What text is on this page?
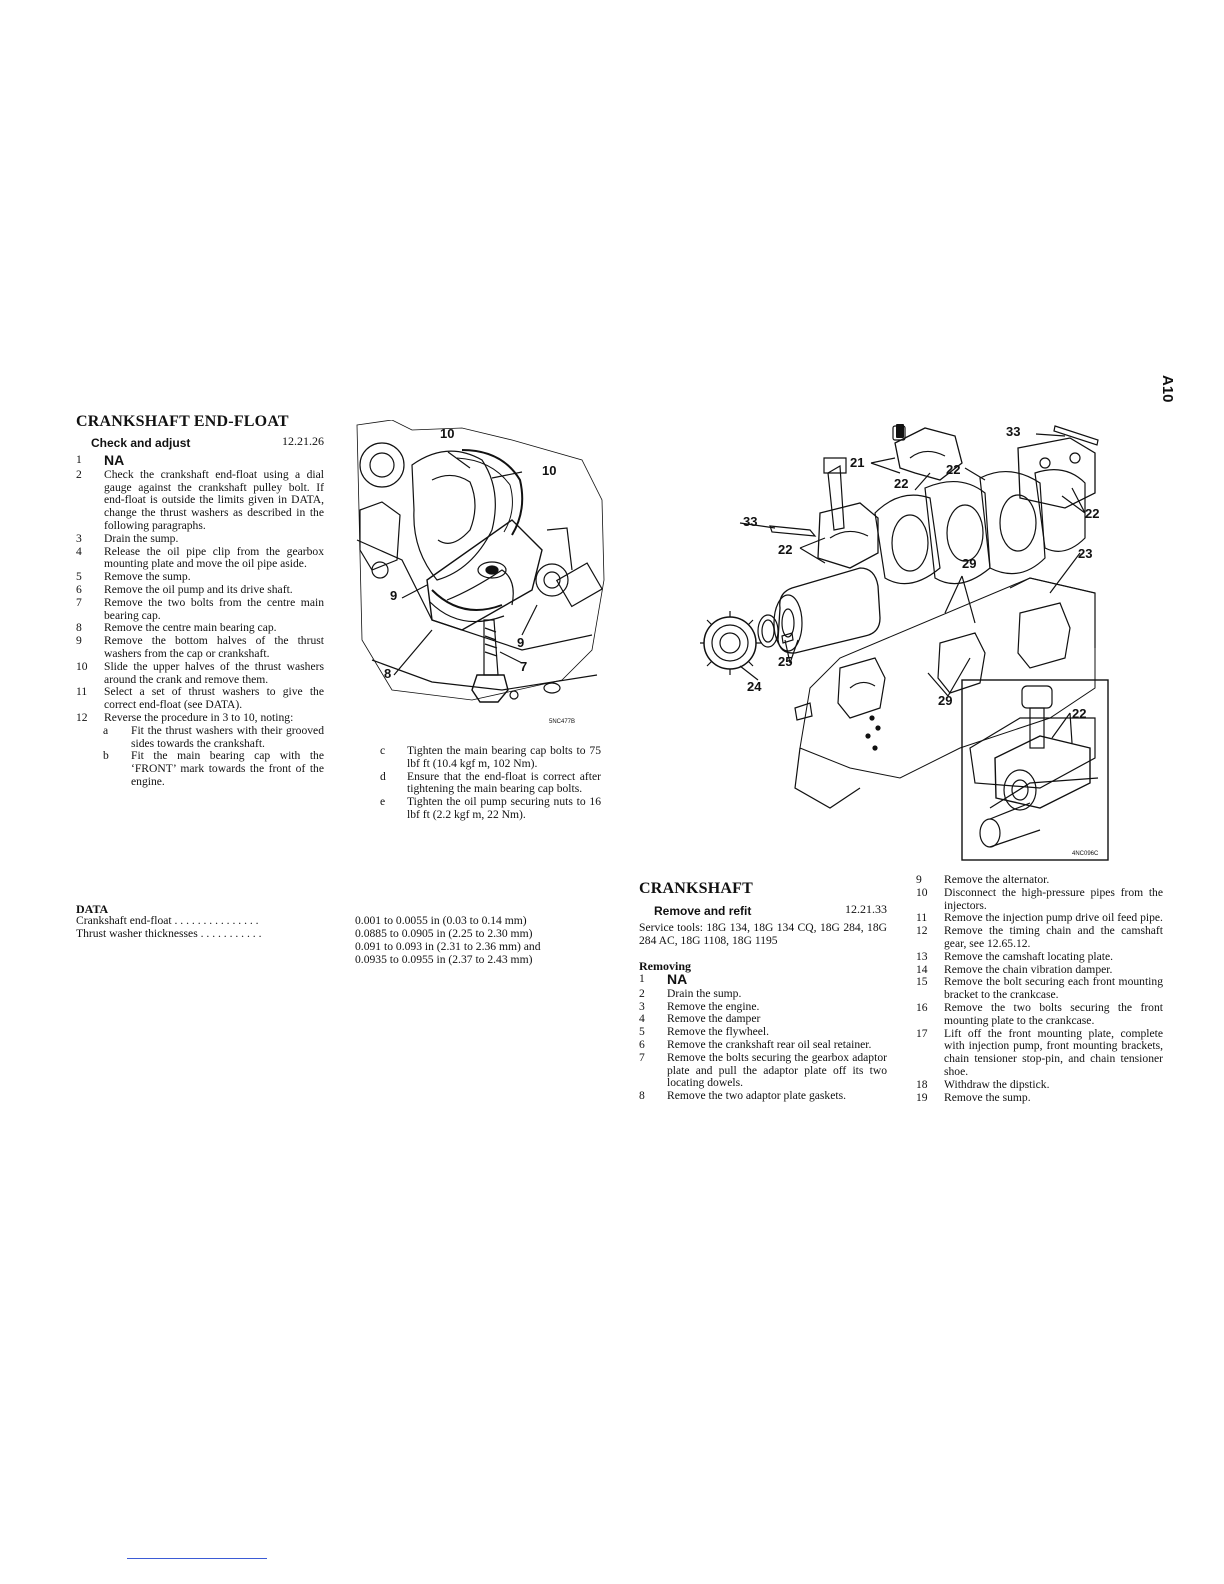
A10
CRANKSHAFT END-FLOAT
Check and adjust	12.21.26
1	NA
2	Check the crankshaft end-float using a dial gauge against the crankshaft pulley bolt. If end-float is outside the limits given in DATA, change the thrust washers as described in the following paragraphs.
3	Drain the sump.
4	Release the oil pipe clip from the gearbox mounting plate and move the oil pipe aside.
5	Remove the sump.
6	Remove the oil pump and its drive shaft.
7	Remove the two bolts from the centre main bearing cap.
8	Remove the centre main bearing cap.
9	Remove the bottom halves of the thrust washers from the cap or crankshaft.
10	Slide the upper halves of the thrust washers around the crank and remove them.
11	Select a set of thrust washers to give the correct end-float (see DATA).
12	Reverse the procedure in 3 to 10, noting:
a	Fit the thrust washers with their grooved sides towards the crankshaft.
b	Fit the main bearing cap with the ‘FRONT’ mark towards the front of the engine.
10
10
9
9
7
8
5NC477B
c	Tighten the main bearing cap bolts to 75 lbf ft (10.4 kgf m, 102 Nm).
d	Ensure that the end-float is correct after tightening the main bearing cap bolts.
e	Tighten the oil pump securing nuts to 16 lbf ft (2.2 kgf m, 22 Nm).
DATA
Crankshaft end-float . . . . . . . . . . . . . . .	0.001 to 0.0055 in (0.03 to 0.14 mm)
Thrust washer thicknesses . . . . . . . . . . .	0.0885 to 0.0905 in (2.25 to 2.30 mm)
0.091 to 0.093 in (2.31 to 2.36 mm) and
0.0935 to 0.0955 in (2.37 to 2.43 mm)
33
21
22
22
33
22
22
23
29
25
24
29
22
4NC096C
CRANKSHAFT
Remove and refit	12.21.33
Service tools: 18G 134, 18G 134 CQ, 18G 284, 18G 284 AC, 18G 1108, 18G 1195
Removing
1	NA
2	Drain the sump.
3	Remove the engine.
4	Remove the damper
5	Remove the flywheel.
6	Remove the crankshaft rear oil seal retainer.
7	Remove the bolts securing the gearbox adaptor plate and pull the adaptor plate off its two locating dowels.
8	Remove the two adaptor plate gaskets.
9	Remove the alternator.
10	Disconnect the high-pressure pipes from the injectors.
11	Remove the injection pump drive oil feed pipe.
12	Remove the timing chain and the camshaft gear, see 12.65.12.
13	Remove the camshaft locating plate.
14	Remove the chain vibration damper.
15	Remove the bolt securing each front mounting bracket to the crankcase.
16	Remove the two bolts securing the front mounting plate to the crankcase.
17	Lift off the front mounting plate, complete with injection pump, front mounting brackets, chain tensioner stop-pin, and chain tensioner shoe.
18	Withdraw the dipstick.
19	Remove the sump.
